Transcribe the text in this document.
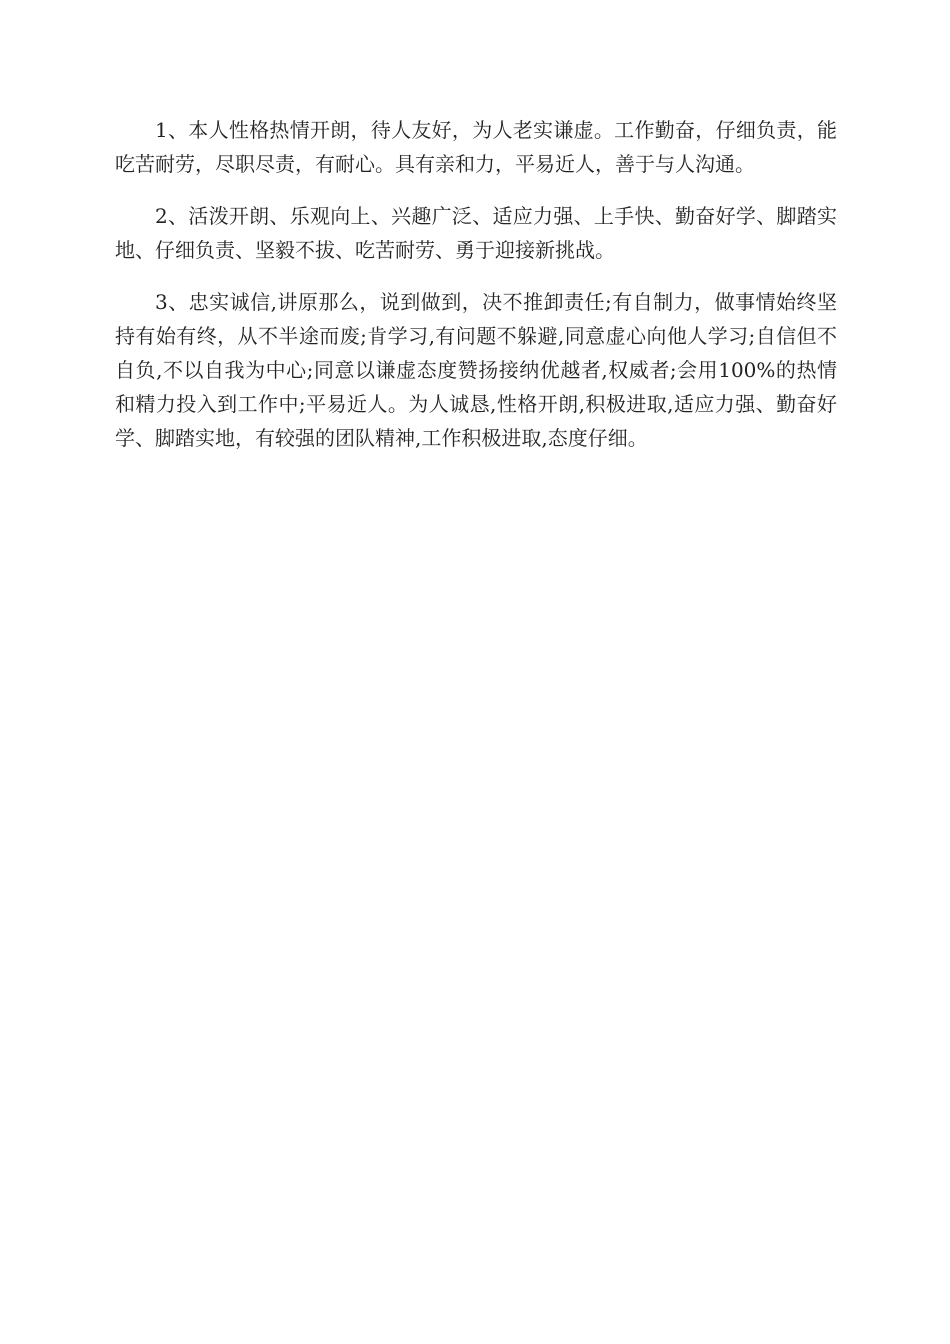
1、本人性格热情开朗，待人友好，为人老实谦虚。工作勤奋，仔细负责，能吃苦耐劳，尽职尽责，有耐心。具有亲和力，平易近人，善于与人沟通。

2、活泼开朗、乐观向上、兴趣广泛、适应力强、上手快、勤奋好学、脚踏实地、仔细负责、坚毅不拔、吃苦耐劳、勇于迎接新挑战。

3、忠实诚信,讲原那么，说到做到，决不推卸责任;有自制力，做事情始终坚持有始有终，从不半途而废;肯学习,有问题不躲避,同意虚心向他人学习;自信但不自负,不以自我为中心;同意以谦虚态度赞扬接纳优越者,权威者;会用100%的热情和精力投入到工作中;平易近人。为人诚恳,性格开朗,积极进取,适应力强、勤奋好学、脚踏实地，有较强的团队精神,工作积极进取,态度仔细。
